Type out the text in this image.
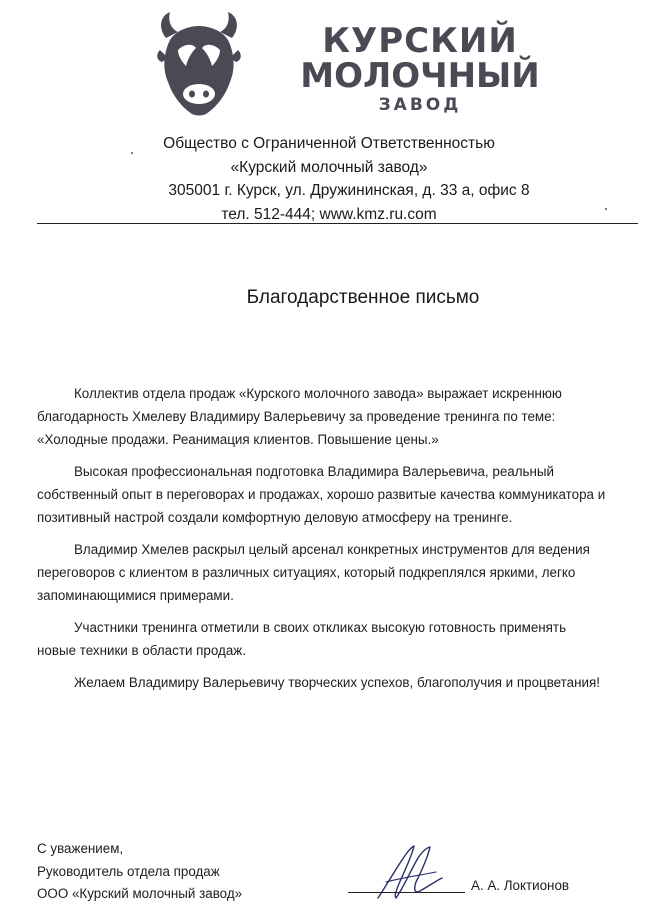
КУРСКИЙ
МОЛОЧНЫЙ
ЗАВОД
Общество с Ограниченной Ответственностью
«Курский молочный завод»
305001 г. Курск, ул. Дружининская, д. 33 а, офис 8
тел. 512-444; www.kmz.ru.com
Благодарственное письмо
Коллектив отдела продаж «Курского молочного завода» выражает искреннюю
благодарность Хмелеву Владимиру Валерьевичу за проведение тренинга по теме:
«Холодные продажи. Реанимация клиентов. Повышение цены.»
Высокая профессиональная подготовка Владимира Валерьевича, реальный
собственный опыт в переговорах и продажах, хорошо развитые качества коммуникатора и
позитивный настрой создали комфортную деловую атмосферу на тренинге.
Владимир Хмелев раскрыл целый арсенал конкретных инструментов для ведения
переговоров с клиентом в различных ситуациях, который подкреплялся яркими, легко
запоминающимися примерами.
Участники тренинга отметили в своих откликах высокую готовность применять
новые техники в области продаж.
Желаем Владимиру Валерьевичу творческих успехов, благополучия и процветания!
С уважением,
Руководитель отдела продаж
ООО «Курский молочный завод»
А. А. Локтионов
